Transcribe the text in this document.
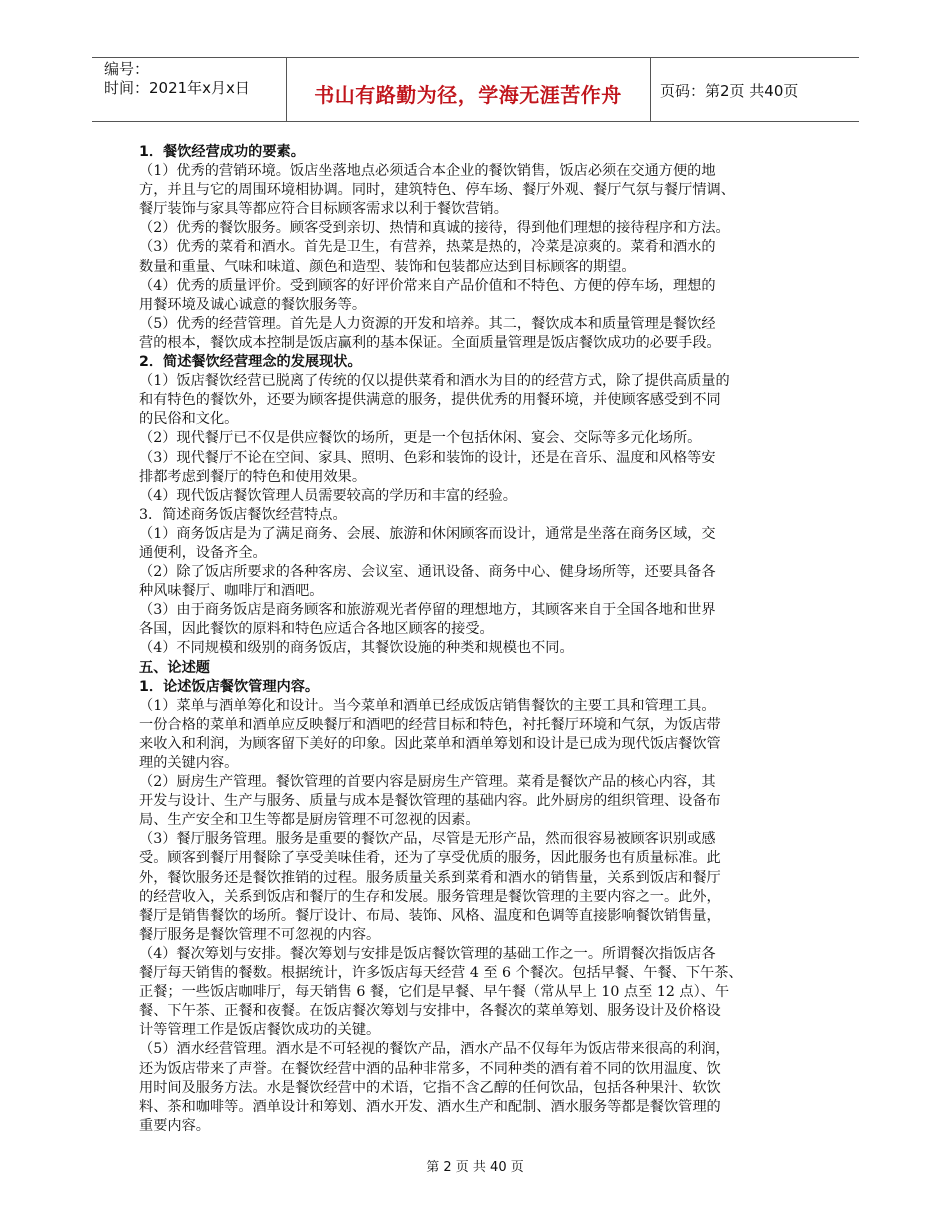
编号：
时间：2021年x月x日	书山有路勤为径，学海无涯苦作舟	页码：第2页 共40页
1．餐饮经营成功的要素。
（1）优秀的营销环境。饭店坐落地点必须适合本企业的餐饮销售，饭店必须在交通方便的地
方，并且与它的周围环境相协调。同时，建筑特色、停车场、餐厅外观、餐厅气氛与餐厅情调、
餐厅装饰与家具等都应符合目标顾客需求以利于餐饮营销。
（2）优秀的餐饮服务。顾客受到亲切、热情和真诚的接待，得到他们理想的接待程序和方法。
（3）优秀的菜肴和酒水。首先是卫生，有营养，热菜是热的，冷菜是凉爽的。菜肴和酒水的
数量和重量、气味和味道、颜色和造型、装饰和包装都应达到目标顾客的期望。
（4）优秀的质量评价。受到顾客的好评价常来自产品价值和不特色、方便的停车场，理想的
用餐环境及诚心诚意的餐饮服务等。
（5）优秀的经营管理。首先是人力资源的开发和培养。其二，餐饮成本和质量管理是餐饮经
营的根本，餐饮成本控制是饭店赢利的基本保证。全面质量管理是饭店餐饮成功的必要手段。
2．简述餐饮经营理念的发展现状。
（1）饭店餐饮经营已脱离了传统的仅以提供菜肴和酒水为目的的经营方式，除了提供高质量的
和有特色的餐饮外，还要为顾客提供满意的服务，提供优秀的用餐环境，并使顾客感受到不同
的民俗和文化。
（2）现代餐厅已不仅是供应餐饮的场所，更是一个包括休闲、宴会、交际等多元化场所。
（3）现代餐厅不论在空间、家具、照明、色彩和装饰的设计，还是在音乐、温度和风格等安
排都考虑到餐厅的特色和使用效果。
（4）现代饭店餐饮管理人员需要较高的学历和丰富的经验。
3．简述商务饭店餐饮经营特点。
（1）商务饭店是为了满足商务、会展、旅游和休闲顾客而设计，通常是坐落在商务区域，交
通便利，设备齐全。
（2）除了饭店所要求的各种客房、会议室、通讯设备、商务中心、健身场所等，还要具备各
种风味餐厅、咖啡厅和酒吧。
（3）由于商务饭店是商务顾客和旅游观光者停留的理想地方，其顾客来自于全国各地和世界
各国，因此餐饮的原料和特色应适合各地区顾客的接受。
（4）不同规模和级别的商务饭店，其餐饮设施的种类和规模也不同。
五、论述题
1．论述饭店餐饮管理内容。
（1）菜单与酒单筹化和设计。当今菜单和酒单已经成饭店销售餐饮的主要工具和管理工具。
一份合格的菜单和酒单应反映餐厅和酒吧的经营目标和特色，衬托餐厅环境和气氛，为饭店带
来收入和利润，为顾客留下美好的印象。因此菜单和酒单筹划和设计是已成为现代饭店餐饮管
理的关键内容。
（2）厨房生产管理。餐饮管理的首要内容是厨房生产管理。菜肴是餐饮产品的核心内容，其
开发与设计、生产与服务、质量与成本是餐饮管理的基础内容。此外厨房的组织管理、设备布
局、生产安全和卫生等都是厨房管理不可忽视的因素。
（3）餐厅服务管理。服务是重要的餐饮产品，尽管是无形产品，然而很容易被顾客识别或感
受。顾客到餐厅用餐除了享受美味佳肴，还为了享受优质的服务，因此服务也有质量标准。此
外，餐饮服务还是餐饮推销的过程。服务质量关系到菜肴和酒水的销售量，关系到饭店和餐厅
的经营收入，关系到饭店和餐厅的生存和发展。服务管理是餐饮管理的主要内容之一。此外，
餐厅是销售餐饮的场所。餐厅设计、布局、装饰、风格、温度和色调等直接影响餐饮销售量，
餐厅服务是餐饮管理不可忽视的内容。
（4）餐次筹划与安排。餐次筹划与安排是饭店餐饮管理的基础工作之一。所谓餐次指饭店各
餐厅每天销售的餐数。根据统计，许多饭店每天经营 4 至 6 个餐次。包括早餐、午餐、下午茶、
正餐；一些饭店咖啡厅，每天销售 6 餐，它们是早餐、早午餐（常从早上 10 点至 12 点）、午
餐、下午茶、正餐和夜餐。在饭店餐次筹划与安排中，各餐次的菜单筹划、服务设计及价格设
计等管理工作是饭店餐饮成功的关键。
（5）酒水经营管理。酒水是不可轻视的餐饮产品，酒水产品不仅每年为饭店带来很高的利润，
还为饭店带来了声誉。在餐饮经营中酒的品种非常多，不同种类的酒有着不同的饮用温度、饮
用时间及服务方法。水是餐饮经营中的术语，它指不含乙醇的任何饮品，包括各种果汁、软饮
料、茶和咖啡等。酒单设计和筹划、酒水开发、酒水生产和配制、酒水服务等都是餐饮管理的
重要内容。
第 2 页 共 40 页
